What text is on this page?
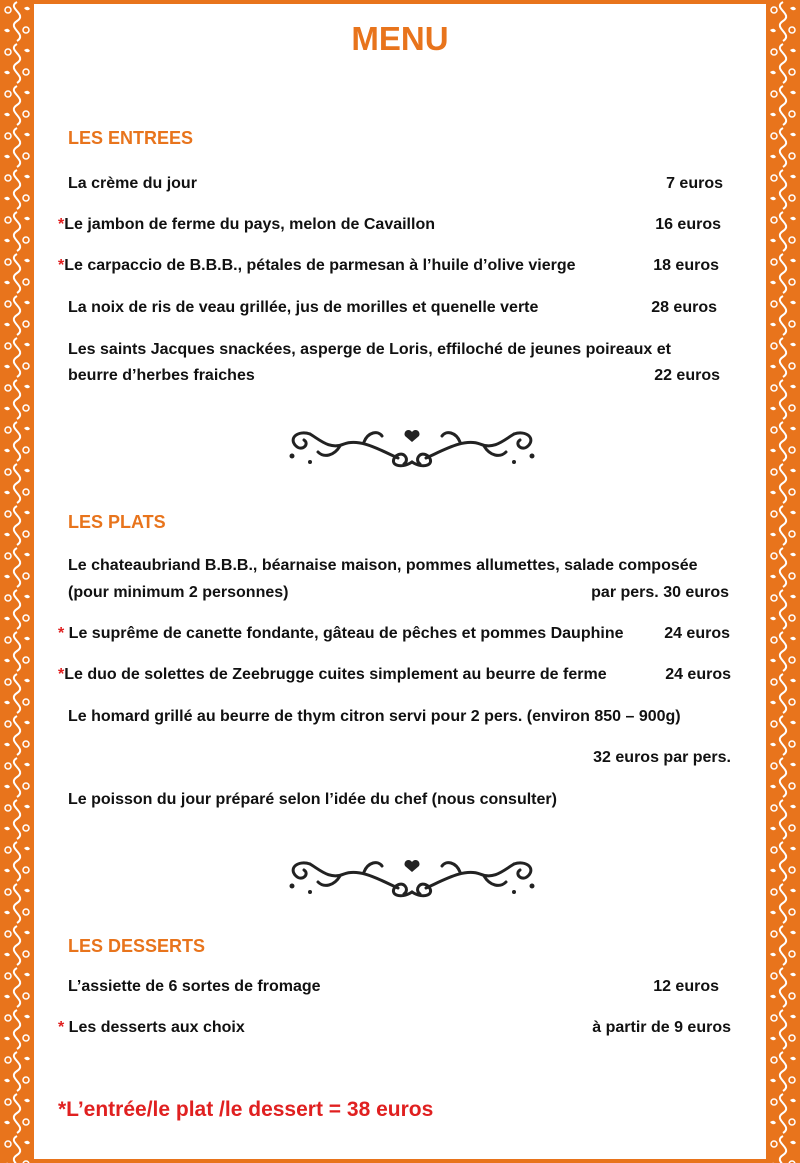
MENU
LES ENTREES
La crème du jour	7 euros
*Le jambon de ferme du pays, melon de Cavaillon	16 euros
*Le carpaccio de B.B.B., pétales de parmesan à l’huile d’olive vierge	18 euros
La noix de ris de veau grillée, jus de morilles et quenelle verte	28 euros
Les saints Jacques snackées, asperge de Loris, effiloché de jeunes poireaux et
beurre d’herbes fraiches	22 euros
LES PLATS
Le chateaubriand B.B.B., béarnaise maison, pommes allumettes, salade composée
(pour minimum 2 personnes)	par pers. 30 euros
* Le suprême de canette fondante, gâteau de pêches et pommes Dauphine	24 euros
*Le duo de solettes de Zeebrugge cuites simplement au beurre de ferme	24 euros
Le homard grillé au beurre de thym citron servi pour 2 pers. (environ 850 – 900g)
32 euros par pers.
Le poisson du jour préparé selon l’idée du chef (nous consulter)
LES DESSERTS
L’assiette de 6 sortes de fromage	12 euros
* Les desserts aux choix	à partir de 9 euros
*L’entrée/le plat /le dessert = 38 euros
